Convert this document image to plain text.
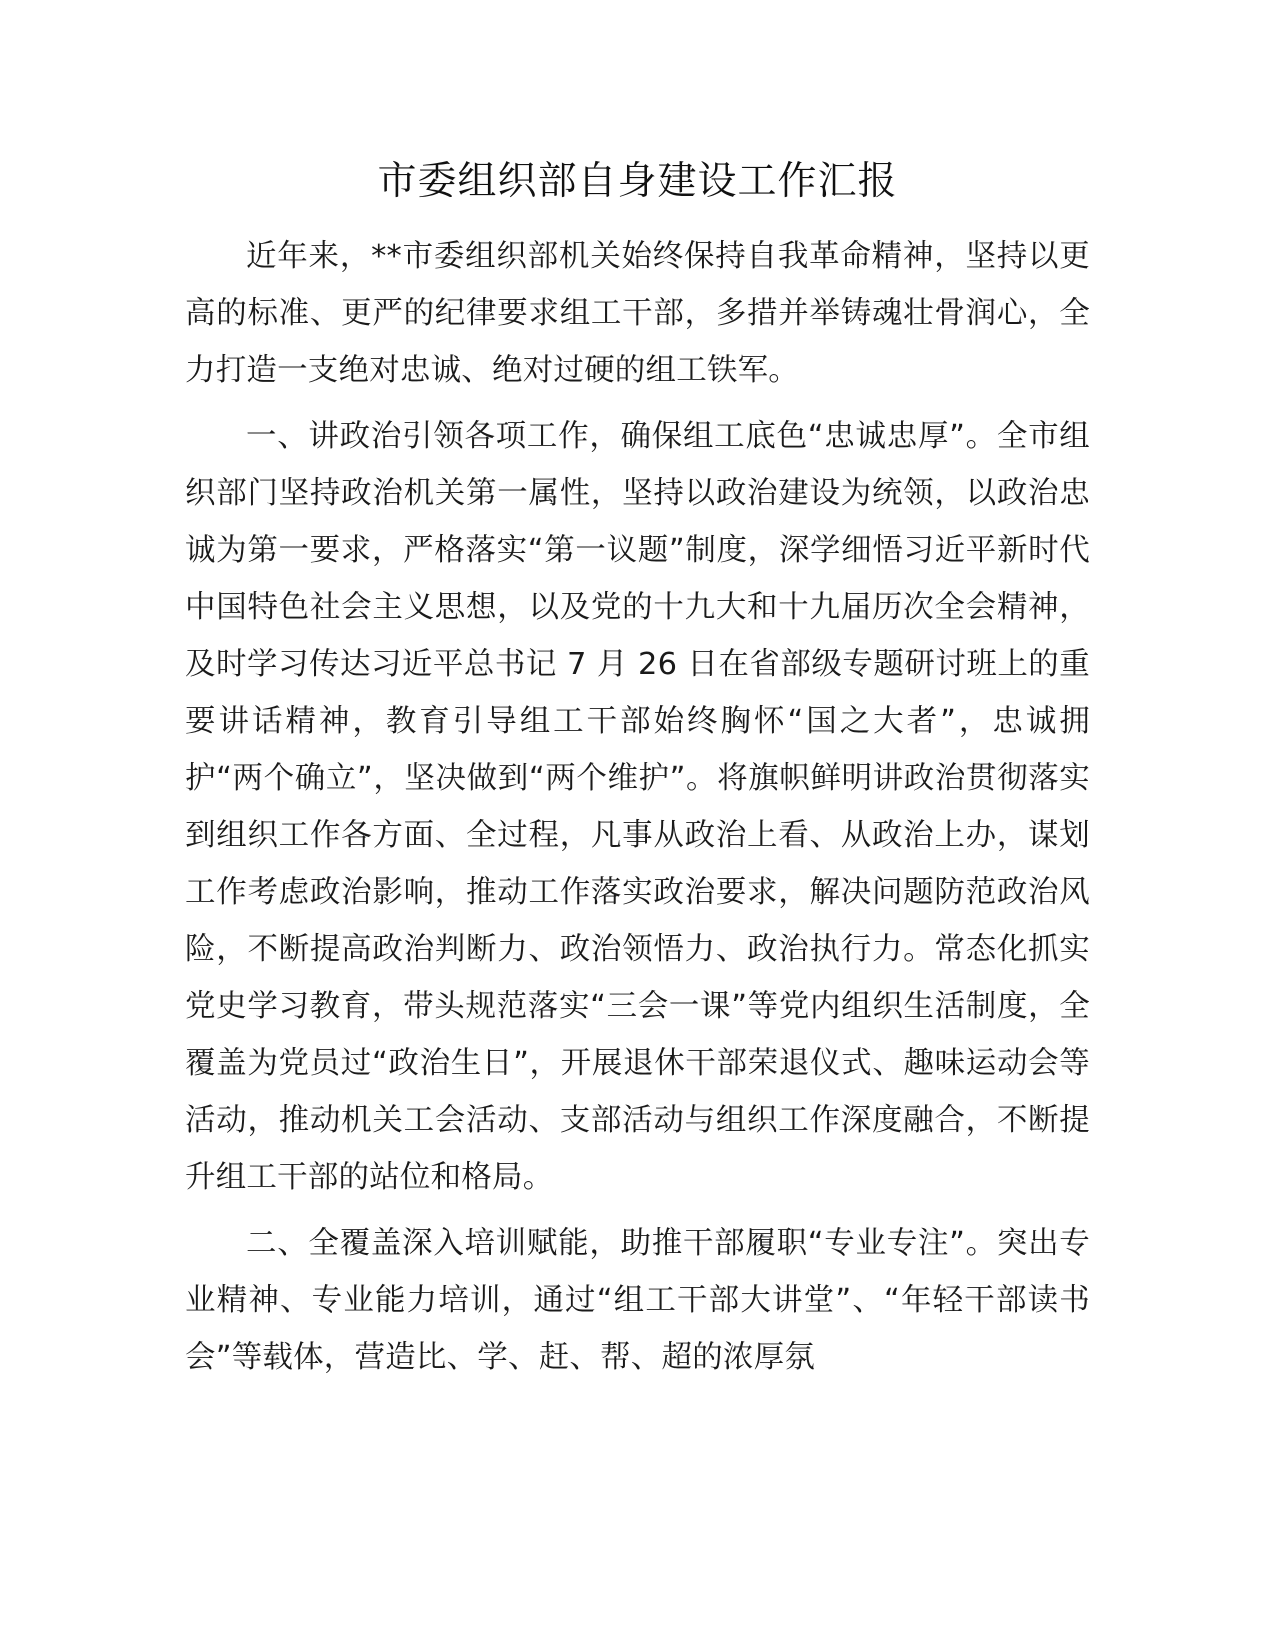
市委组织部自身建设工作汇报

近年来，**市委组织部机关始终保持自我革命精神，坚持以更高的标准、更严的纪律要求组工干部，多措并举铸魂壮骨润心，全力打造一支绝对忠诚、绝对过硬的组工铁军。

一、讲政治引领各项工作，确保组工底色“忠诚忠厚”。全市组织部门坚持政治机关第一属性，坚持以政治建设为统领，以政治忠诚为第一要求，严格落实“第一议题”制度，深学细悟习近平新时代中国特色社会主义思想，以及党的十九大和十九届历次全会精神，及时学习传达习近平总书记 7 月 26 日在省部级专题研讨班上的重要讲话精神，教育引导组工干部始终胸怀“国之大者”，忠诚拥护“两个确立”，坚决做到“两个维护”。将旗帜鲜明讲政治贯彻落实到组织工作各方面、全过程，凡事从政治上看、从政治上办，谋划工作考虑政治影响，推动工作落实政治要求，解决问题防范政治风险，不断提高政治判断力、政治领悟力、政治执行力。常态化抓实党史学习教育，带头规范落实“三会一课”等党内组织生活制度，全覆盖为党员过“政治生日”，开展退休干部荣退仪式、趣味运动会等活动，推动机关工会活动、支部活动与组织工作深度融合，不断提升组工干部的站位和格局。

二、全覆盖深入培训赋能，助推干部履职“专业专注”。突出专业精神、专业能力培训，通过“组工干部大讲堂”、“年轻干部读书会”等载体，营造比、学、赶、帮、超的浓厚氛
